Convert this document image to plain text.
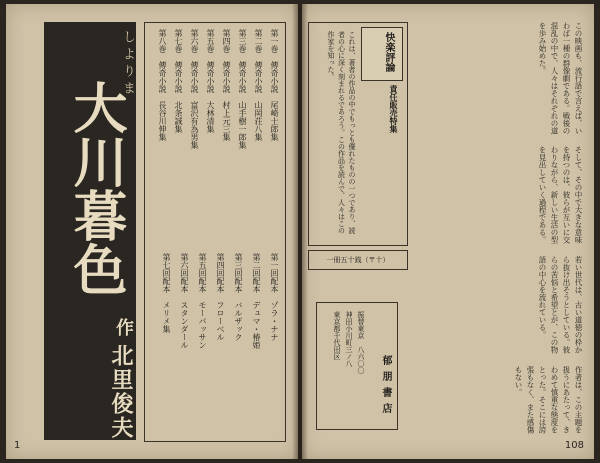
しよりま
大川暮色
作
北里俊夫
第一巻　傳奇小説　尾崎士郎集
第二巻　傳奇小説　山岡荘八集
第三巻　傳奇小説　山手樹一郎集
第四巻　傳奇小説　村上元三集
第五巻　傳奇小説　大林清集
第六巻　傳奇小説　富沢有為男集
第七巻　傳奇小説　北条誠集
第八巻　傳奇小説　長谷川伸集
第一回配本　ゾラ・ナナ
第二回配本　デュマ・椿姫
第三回配本　バルザック
第四回配本　フローベル
第五回配本　モーパッサン
第六回配本　スタンダール
第七回配本　メリメ集
1
快楽評論
責任販売特集
これは、著者の作品の中でもっとも優れたものの一つであり、読者の心に深く刻まれるであろう。この作品を読んで、人々はこの作家を知った。
一冊五十銭（〒十）
東京都千代田区 神田小川町三ノ八 振替東京　八六〇〇
郁朋書店
この映画も、流行語で言えば、いわば一種の群像劇である。戦後の混乱の中で、人々はそれぞれの道を歩み始めた。
そして、その中で大きな意味を持つのは、彼らが互いに交わりながら、新しい生活の型を見出していく過程である。
若い世代は、古い道徳の枠から抜け出そうとしている。彼らの苦悩と希望とが、この物語の中心を流れている。
作者は、この主題を扱うにあたって、きわめて慎重な態度をとった。そこには誇張もなく、また感傷もない。
108
